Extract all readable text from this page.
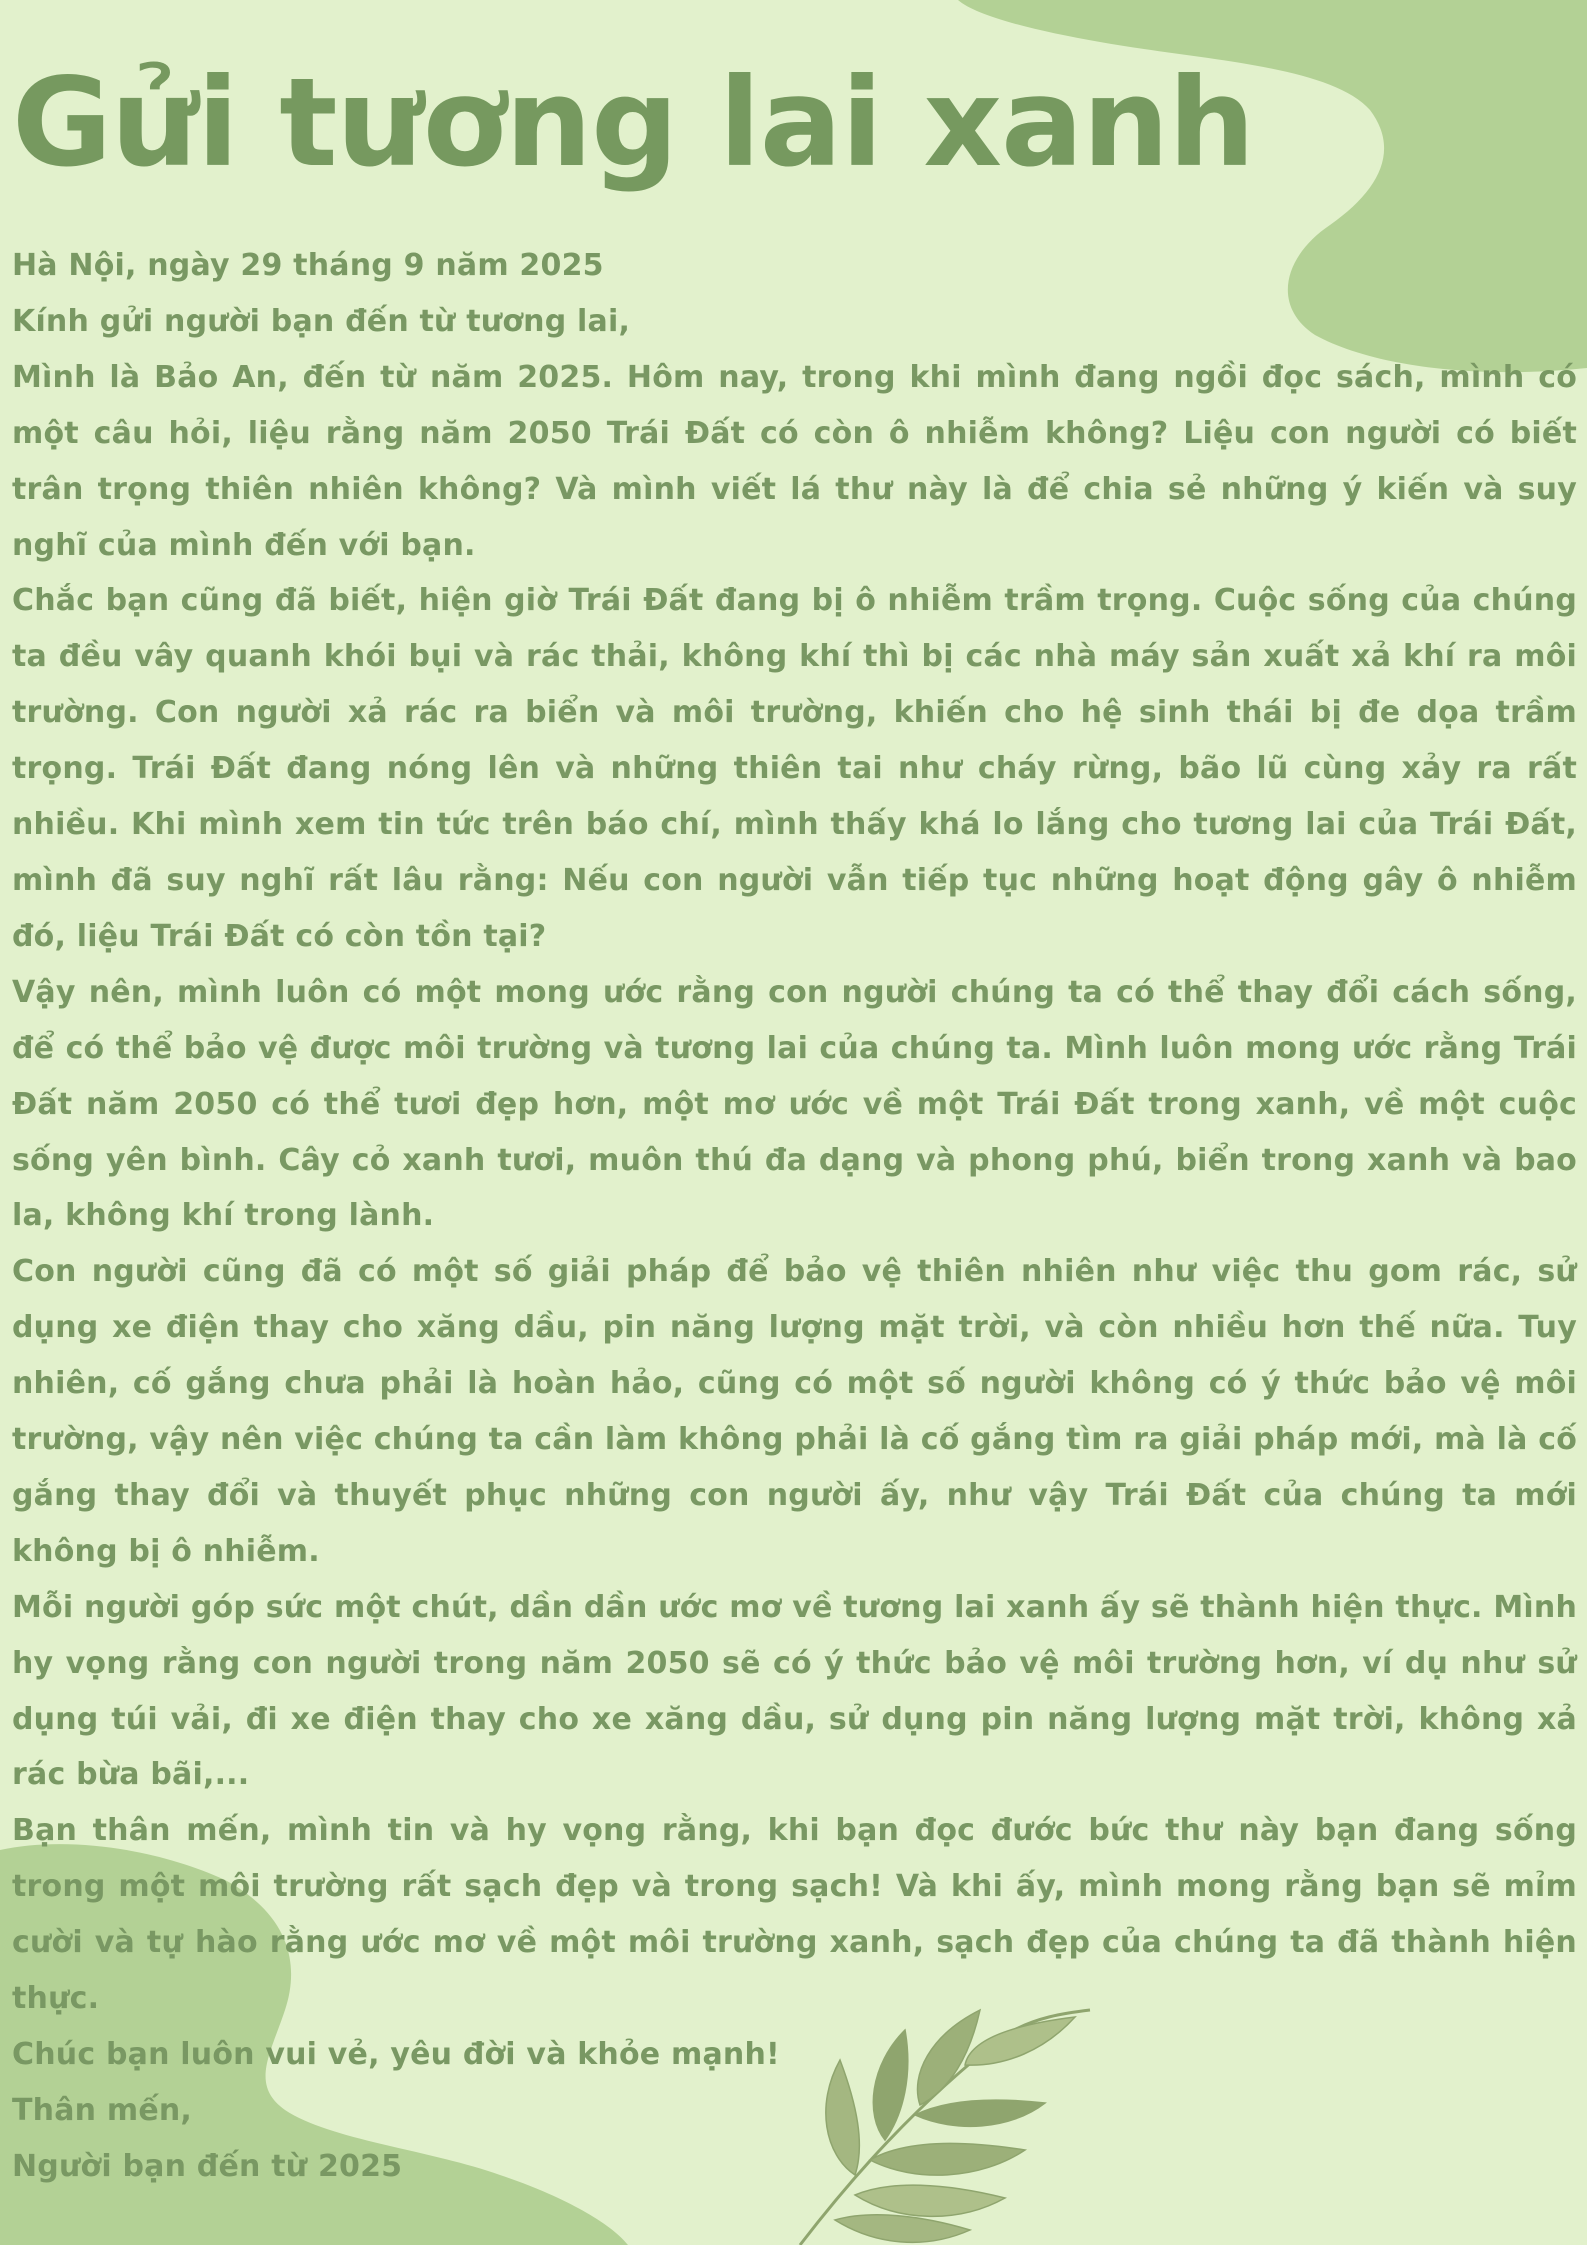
Gửi tương lai xanh

Hà Nội, ngày 29 tháng 9 năm 2025

Kính gửi người bạn đến từ tương lai,

Mình là Bảo An, đến từ năm 2025. Hôm nay, trong khi mình đang ngồi đọc sách, mình có một câu hỏi, liệu rằng năm 2050 Trái Đất có còn ô nhiễm không? Liệu con người có biết trân trọng thiên nhiên không? Và mình viết lá thư này là để chia sẻ những ý kiến và suy nghĩ của mình đến với bạn.

Chắc bạn cũng đã biết, hiện giờ Trái Đất đang bị ô nhiễm trầm trọng. Cuộc sống của chúng ta đều vây quanh khói bụi và rác thải, không khí thì bị các nhà máy sản xuất xả khí ra môi trường. Con người xả rác ra biển và môi trường, khiến cho hệ sinh thái bị đe dọa trầm trọng. Trái Đất đang nóng lên và những thiên tai như cháy rừng, bão lũ cùng xảy ra rất nhiều. Khi mình xem tin tức trên báo chí, mình thấy khá lo lắng cho tương lai của Trái Đất, mình đã suy nghĩ rất lâu rằng: Nếu con người vẫn tiếp tục những hoạt động gây ô nhiễm đó, liệu Trái Đất có còn tồn tại?

Vậy nên, mình luôn có một mong ước rằng con người chúng ta có thể thay đổi cách sống, để có thể bảo vệ được môi trường và tương lai của chúng ta. Mình luôn mong ước rằng Trái Đất năm 2050 có thể tươi đẹp hơn, một mơ ước về một Trái Đất trong xanh, về một cuộc sống yên bình. Cây cỏ xanh tươi, muôn thú đa dạng và phong phú, biển trong xanh và bao la, không khí trong lành.

Con người cũng đã có một số giải pháp để bảo vệ thiên nhiên như việc thu gom rác, sử dụng xe điện thay cho xăng dầu, pin năng lượng mặt trời, và còn nhiều hơn thế nữa. Tuy nhiên, cố gắng chưa phải là hoàn hảo, cũng có một số người không có ý thức bảo vệ môi trường, vậy nên việc chúng ta cần làm không phải là cố gắng tìm ra giải pháp mới, mà là cố gắng thay đổi và thuyết phục những con người ấy, như vậy Trái Đất của chúng ta mới không bị ô nhiễm.

Mỗi người góp sức một chút, dần dần ước mơ về tương lai xanh ấy sẽ thành hiện thực. Mình hy vọng rằng con người trong năm 2050 sẽ có ý thức bảo vệ môi trường hơn, ví dụ như sử dụng túi vải, đi xe điện thay cho xe xăng dầu, sử dụng pin năng lượng mặt trời, không xả rác bừa bãi,...

Bạn thân mến, mình tin và hy vọng rằng, khi bạn đọc đước bức thư này bạn đang sống trong một môi trường rất sạch đẹp và trong sạch! Và khi ấy, mình mong rằng bạn sẽ mỉm cười và tự hào rằng ước mơ về một môi trường xanh, sạch đẹp của chúng ta đã thành hiện thực.

Chúc bạn luôn vui vẻ, yêu đời và khỏe mạnh!

Thân mến,

Người bạn đến từ 2025
